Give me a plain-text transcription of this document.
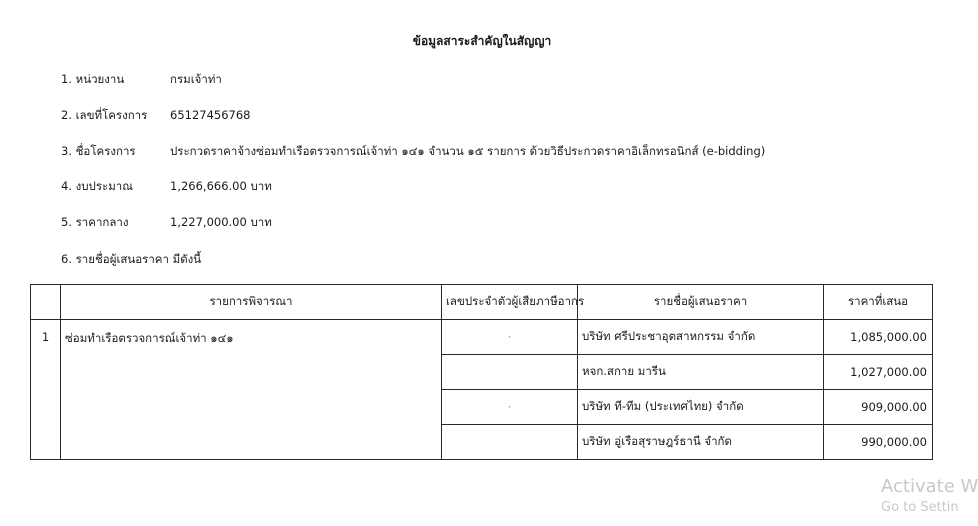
ข้อมูลสาระสำคัญในสัญญา
1. หน่วยงาน	กรมเจ้าท่า
2. เลขที่โครงการ 65127456768
3. ชื่อโครงการ	ประกวดราคาจ้างซ่อมทำเรือตรวจการณ์เจ้าท่า ๑๔๑ จำนวน ๑๕ รายการ ด้วยวิธีประกวดราคาอิเล็กทรอนิกส์ (e-bidding)
4. งบประมาณ	1,266,666.00 บาท
5. ราคากลาง	1,227,000.00 บาท
6. รายชื่อผู้เสนอราคา มีดังนี้
	รายการพิจารณา	เลขประจำตัวผู้เสียภาษีอากร	รายชื่อผู้เสนอราคา	ราคาที่เสนอ
1	ซ่อมทำเรือตรวจการณ์เจ้าท่า ๑๔๑	·	บริษัท ศรีประชาอุตสาหกรรม จำกัด	1,085,000.00
			หจก.สกาย มารีน	1,027,000.00
		·	บริษัท ที-ทีม (ประเทศไทย) จำกัด	909,000.00
			บริษัท อู่เรือสุราษฎร์ธานี จำกัด	990,000.00
Activate W
Go to Settin
